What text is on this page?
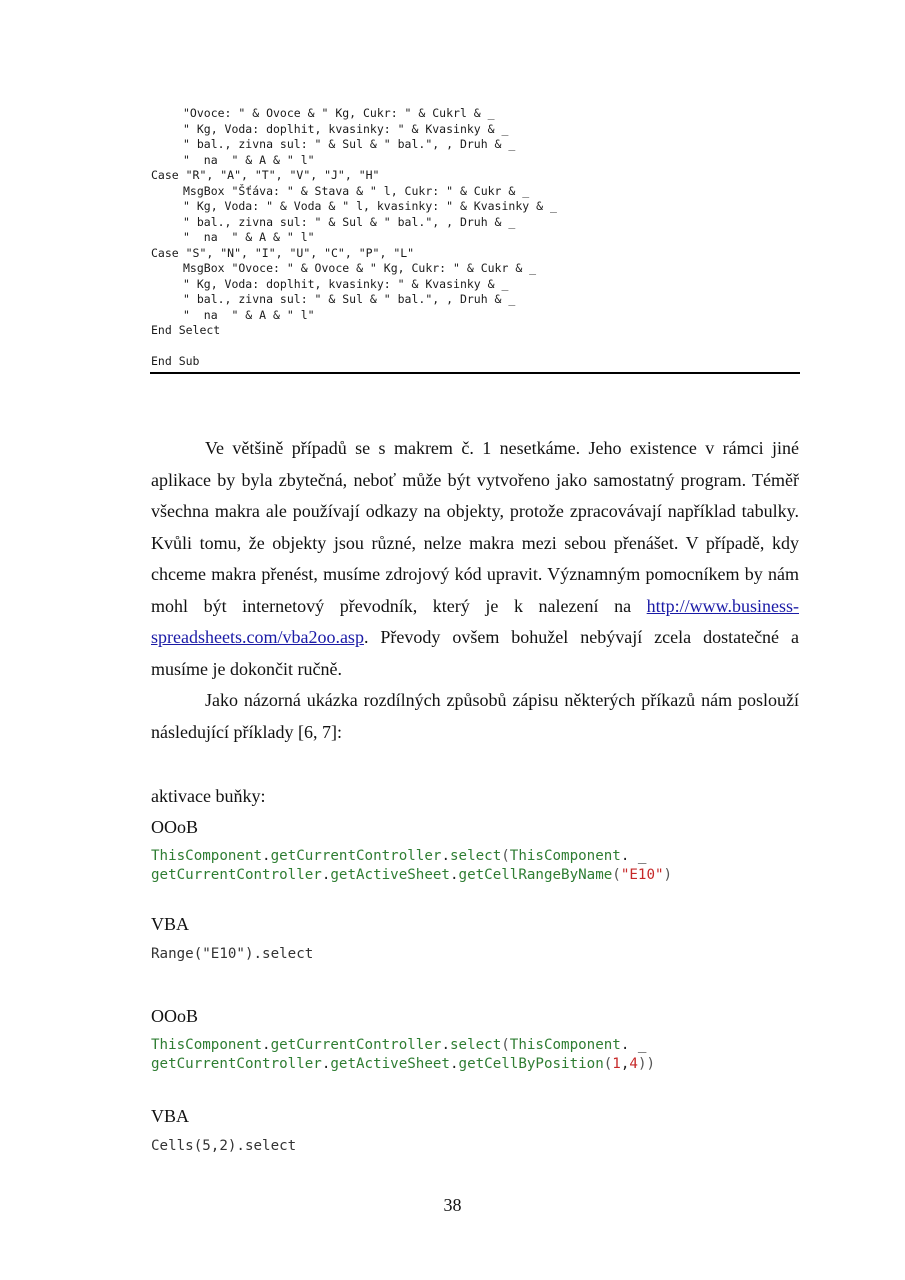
"Ovoce: " & Ovoce & " Kg, Cukr: " & Cukrl & _
" Kg, Voda: doplhit, kvasinky: " & Kvasinky & _
" bal., zivna sul: " & Sul & " bal.", , Druh & _
"  na  " & A & " l"
Case "R", "A", "T", "V", "J", "H"
MsgBox "Šťáva: " & Stava & " l, Cukr: " & Cukr & _
" Kg, Voda: " & Voda & " l, kvasinky: " & Kvasinky & _
" bal., zivna sul: " & Sul & " bal.", , Druh & _
"  na  " & A & " l"
Case "S", "N", "I", "U", "C", "P", "L"
MsgBox "Ovoce: " & Ovoce & " Kg, Cukr: " & Cukr & _
" Kg, Voda: doplhit, kvasinky: " & Kvasinky & _
" bal., zivna sul: " & Sul & " bal.", , Druh & _
"  na  " & A & " l"
End Select
End Sub

Ve většině případů se s makrem č. 1 nesetkáme. Jeho existence v rámci jiné aplikace by byla zbytečná, neboť může být vytvořeno jako samostatný program. Téměř všechna makra ale používají odkazy na objekty, protože zpracovávají například tabulky. Kvůli tomu, že objekty jsou různé, nelze makra mezi sebou přenášet. V případě, kdy chceme makra přenést, musíme zdrojový kód upravit. Významným pomocníkem by nám mohl být internetový převodník, který je k nalezení na http://www.business-spreadsheets.com/vba2oo.asp. Převody ovšem bohužel nebývají zcela dostatečné a musíme je dokončit ručně.

Jako názorná ukázka rozdílných způsobů zápisu některých příkazů nám poslouží následující příklady [6, 7]:

aktivace buňky:

OOoB

ThisComponent.getCurrentController.select(ThisComponent. _
getCurrentController.getActiveSheet.getCellRangeByName("E10")

VBA

Range("E10").select

OOoB

ThisComponent.getCurrentController.select(ThisComponent. _
getCurrentController.getActiveSheet.getCellByPosition(1,4))

VBA

Cells(5,2).select
38
